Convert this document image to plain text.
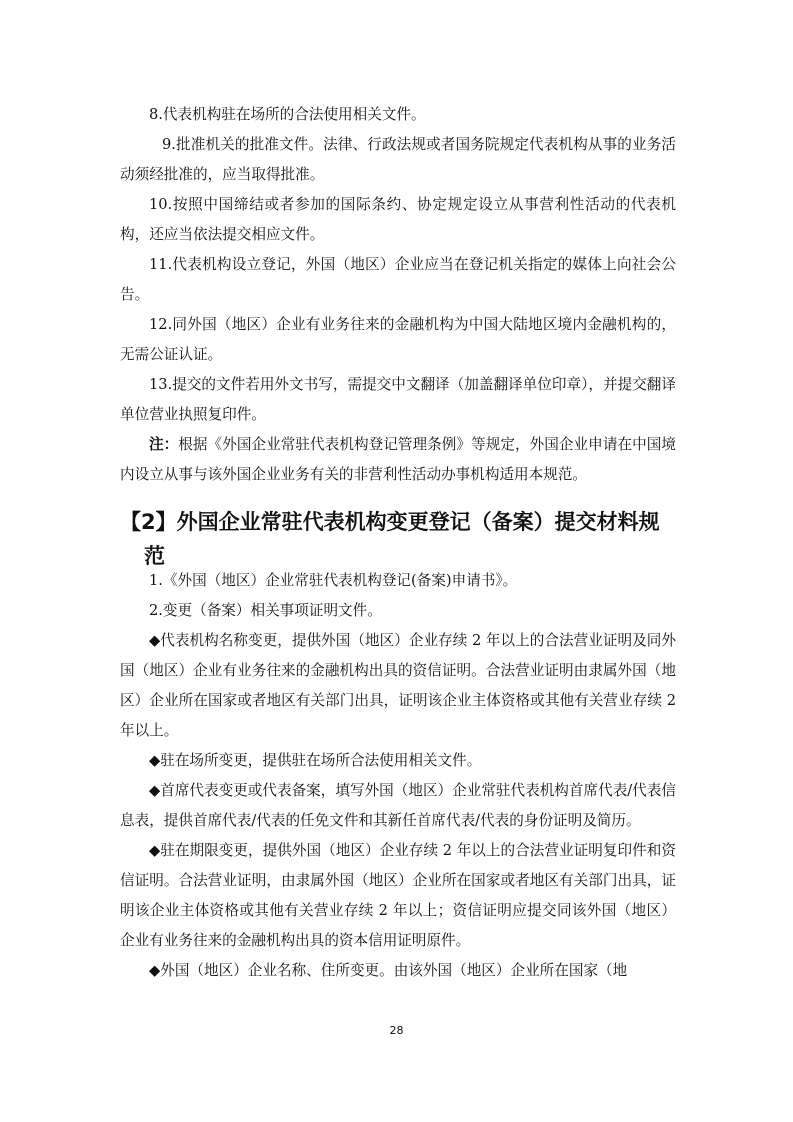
8.代表机构驻在场所的合法使用相关文件。

9.批准机关的批准文件。法律、行政法规或者国务院规定代表机构从事的业务活动须经批准的，应当取得批准。

10.按照中国缔结或者参加的国际条约、协定规定设立从事营利性活动的代表机构，还应当依法提交相应文件。

11.代表机构设立登记，外国（地区）企业应当在登记机关指定的媒体上向社会公告。

12.同外国（地区）企业有业务往来的金融机构为中国大陆地区境内金融机构的，无需公证认证。

13.提交的文件若用外文书写，需提交中文翻译（加盖翻译单位印章），并提交翻译单位营业执照复印件。

注：根据《外国企业常驻代表机构登记管理条例》等规定，外国企业申请在中国境内设立从事与该外国企业业务有关的非营利性活动办事机构适用本规范。

【2】外国企业常驻代表机构变更登记（备案）提交材料规
范

1.《外国（地区）企业常驻代表机构登记(备案)申请书》。

2.变更（备案）相关事项证明文件。

◆代表机构名称变更，提供外国（地区）企业存续 2 年以上的合法营业证明及同外国（地区）企业有业务往来的金融机构出具的资信证明。合法营业证明由隶属外国（地区）企业所在国家或者地区有关部门出具，证明该企业主体资格或其他有关营业存续 2 年以上。

◆驻在场所变更，提供驻在场所合法使用相关文件。

◆首席代表变更或代表备案，填写外国（地区）企业常驻代表机构首席代表/代表信息表，提供首席代表/代表的任免文件和其新任首席代表/代表的身份证明及简历。

◆驻在期限变更，提供外国（地区）企业存续 2 年以上的合法营业证明复印件和资信证明。合法营业证明，由隶属外国（地区）企业所在国家或者地区有关部门出具，证明该企业主体资格或其他有关营业存续 2 年以上；资信证明应提交同该外国（地区）企业有业务往来的金融机构出具的资本信用证明原件。

◆外国（地区）企业名称、住所变更。由该外国（地区）企业所在国家（地

28
